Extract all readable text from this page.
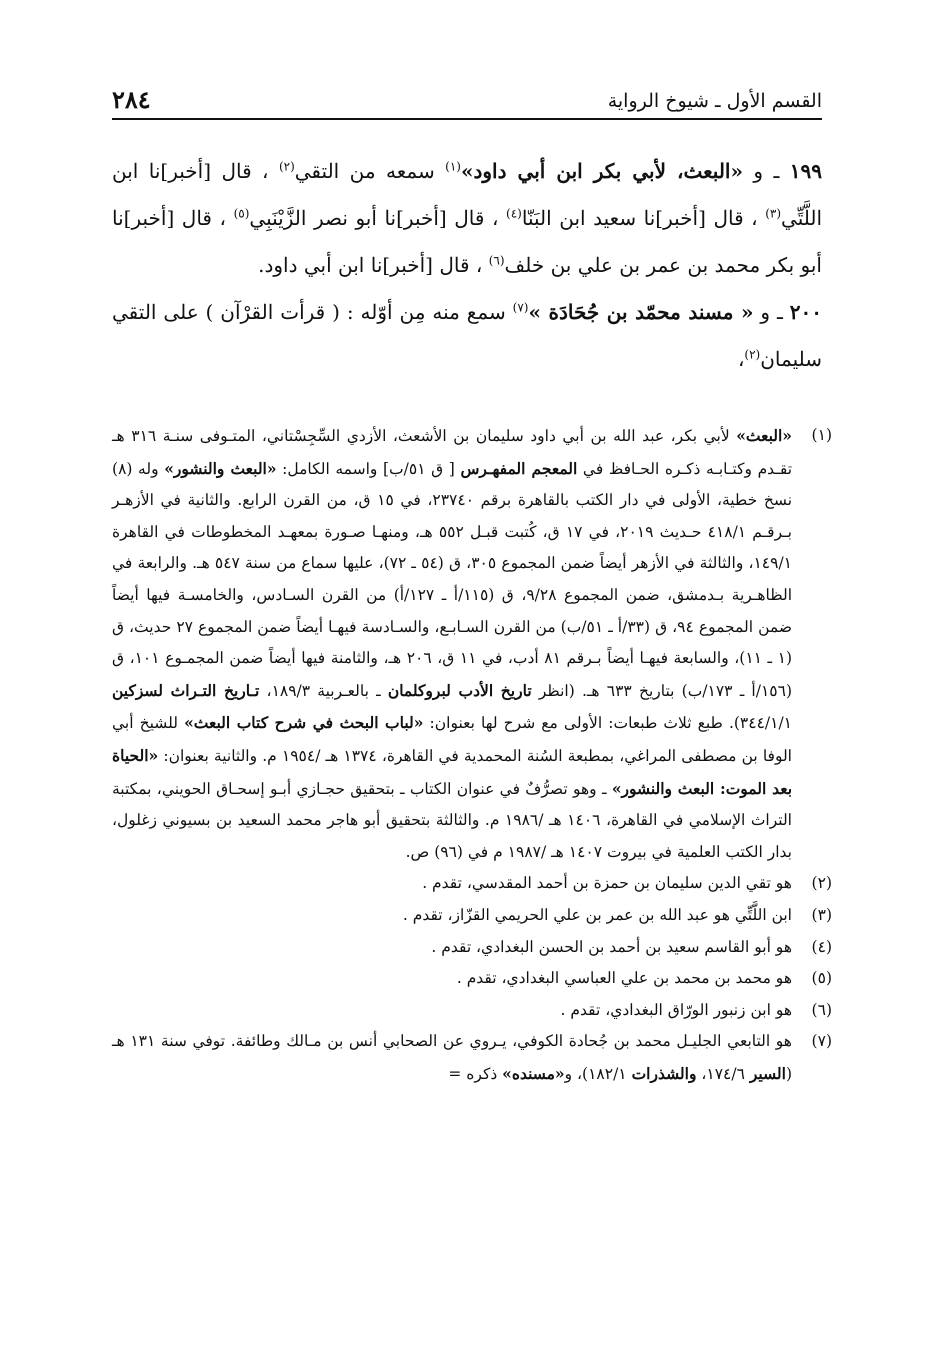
القسم الأول ـ شيوخ الرواية
٢٨٤

١٩٩ ـ و «البعث، لأبي بكر ابن أبي داود»$^{(١)}$ سمعه من التقي$^{(٢)}$ ، قال [أخبر]نا ابن اللَّتِّي$^{(٣)}$ ، قال [أخبر]نا سعيد ابن البَنّا$^{(٤)}$ ، قال [أخبر]نا أبو نصر الزَّيْنَبِي$^{(٥)}$ ، قال [أخبر]نا أبو بكر محمد بن عمر بن علي بن خلف$^{(٦)}$ ، قال [أخبر]نا ابن أبي داود.

٢٠٠ ـ و « مسند محمّد بن جُحَادَة »$^{(٧)}$ سمع منه مِن أوّله : ( قرأت القرْآن ) على التقي سليمان$^{(٢)}$،

(١)
«البعث» لأبي بكر، عبد الله بن أبي داود سليمان بن الأشعث، الأزدي السِّجِسْتاني، المتـوفى سنـة ٣١٦ هـ تقـدم وكتـابـه ذكـره الحـافظ في المعجم المفهـرس [ ق ٥١/ب] واسمه الكامل: «البعث والنشور» وله (٨) نسخ خطية، الأولى في دار الكتب بالقاهرة برقم ٢٣٧٤٠، في ١٥ ق، من القرن الرابع. والثانية في الأزهـر بـرقـم ٤١٨/١ حـديث ٢٠١٩، في ١٧ ق، كُتبت قبـل ٥٥٢ هـ، ومنهـا صـورة بمعهـد المخطوطات في القاهرة ١٤٩/١، والثالثة في الأزهر أيضاً ضمن المجموع ٣٠٥، ق (٥٤ ـ ٧٢)، عليها سماع من سنة ٥٤٧ هـ. والرابعة في الظاهـرية بـدمشق، ضمن المجموع ٩/٢٨، ق (١١٥/أ ـ ١٢٧/أ) من القرن السـادس، والخامسـة فيها أيضاً ضمن المجموع ٩٤، ق (٣٣/أ ـ ٥١/ب) من القرن السـابـع، والسـادسة فيهـا أيضاً ضمن المجموع ٢٧ حديث، ق (١ ـ ١١)، والسابعة فيهـا أيضاً بـرقم ٨١ أدب، في ١١ ق، ٢٠٦ هـ، والثامنة فيها أيضاً ضمن المجمـوع ١٠١، ق (١٥٦/أ ـ ١٧٣/ب) بتاريخ ٦٣٣ هـ. (انظر تاريخ الأدب لبروكلمان ـ بالعـربية ١٨٩/٣، تـاريخ التـراث لسزكين ٣٤٤/١/١). طبع ثلاث طبعات: الأولى مع شرح لها بعنوان: «لباب البحث في شرح كتاب البعث» للشيخ أبي الوفا بن مصطفى المراغي، بمطبعة السُنة المحمدية في القاهرة، ١٣٧٤ هـ /١٩٥٤ م. والثانية بعنوان: «الحياة بعد الموت: البعث والنشور» ـ وهو تصرُّفٌ في عنوان الكتاب ـ بتحقيق حجـازي أبـو إسحـاق الحويني، بمكتبة التراث الإسلامي في القاهرة، ١٤٠٦ هـ /١٩٨٦ م. والثالثة بتحقيق أبو هاجر محمد السعيد بن بسيوني زغلول، بدار الكتب العلمية في بيروت ١٤٠٧ هـ /١٩٨٧ م في (٩٦) ص.
(٢)
هو تقي الدين سليمان بن حمزة بن أحمد المقدسي، تقدم .
(٣)
ابن اللَّتِّي هو عبد الله بن عمر بن علي الحريمي القزّاز، تقدم .
(٤)
هو أبو القاسم سعيد بن أحمد بن الحسن البغدادي، تقدم .
(٥)
هو محمد بن محمد بن علي العباسي البغدادي، تقدم .
(٦)
هو ابن زنبور الورّاق البغدادي، تقدم .
(٧)
هو التابعي الجليـل محمد بن جُحادة الكوفي، يـروي عن الصحابي أنس بن مـالك وطائفة. توفي سنة ١٣١ هـ (السير ١٧٤/٦، والشذرات ١٨٢/١)، و«مسنده» ذكره =
